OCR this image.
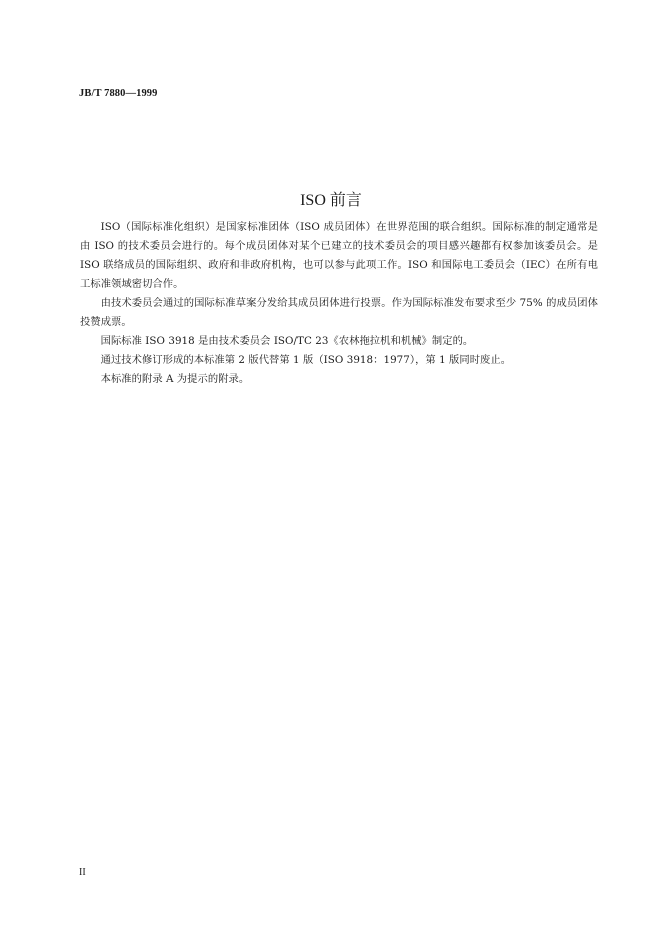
JB/T 7880—1999
ISO 前言

ISO（国际标准化组织）是国家标准团体（ISO 成员团体）在世界范围的联合组织。国际标准的制定通常是由 ISO 的技术委员会进行的。每个成员团体对某个已建立的技术委员会的项目感兴趣都有权参加该委员会。是 ISO 联络成员的国际组织、政府和非政府机构，也可以参与此项工作。ISO 和国际电工委员会（IEC）在所有电工标准领域密切合作。

由技术委员会通过的国际标准草案分发给其成员团体进行投票。作为国际标准发布要求至少 75% 的成员团体投赞成票。

国际标准 ISO 3918 是由技术委员会 ISO/TC 23《农林拖拉机和机械》制定的。

通过技术修订形成的本标准第 2 版代替第 1 版（ISO 3918：1977），第 1 版同时废止。

本标准的附录 A 为提示的附录。

II
